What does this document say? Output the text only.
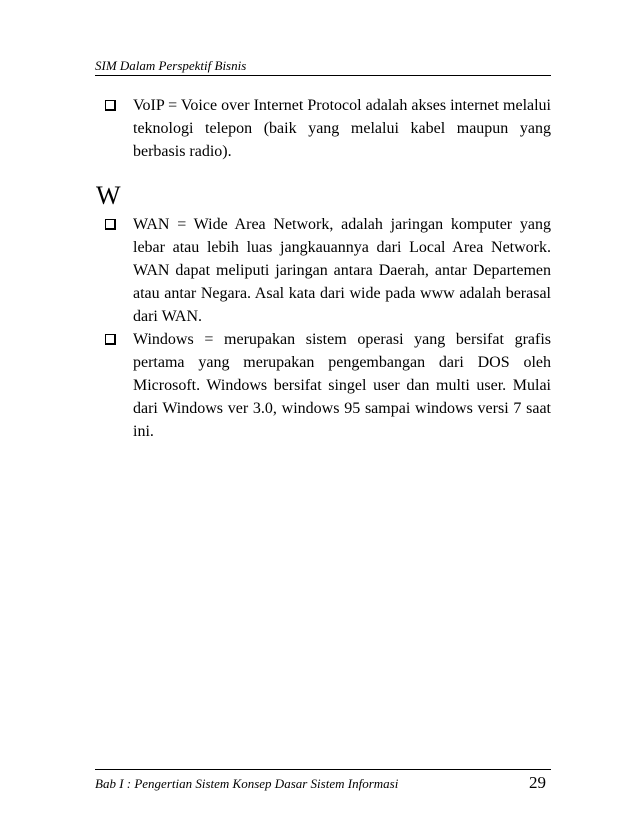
SIM Dalam Perspektif Bisnis
VoIP = Voice over Internet Protocol adalah akses internet melalui teknologi telepon (baik yang melalui kabel maupun yang berbasis radio).
W
WAN = Wide Area Network, adalah jaringan komputer yang lebar atau lebih luas jangkauannya dari Local Area Network. WAN dapat meliputi jaringan antara Daerah, antar Departemen atau antar Negara. Asal kata dari wide pada www adalah berasal dari WAN.
Windows = merupakan sistem operasi yang bersifat grafis pertama yang merupakan pengembangan dari DOS oleh Microsoft. Windows bersifat singel user dan multi user. Mulai dari Windows ver 3.0, windows 95 sampai windows versi 7 saat ini.
Bab I : Pengertian Sistem Konsep Dasar Sistem Informasi	29
